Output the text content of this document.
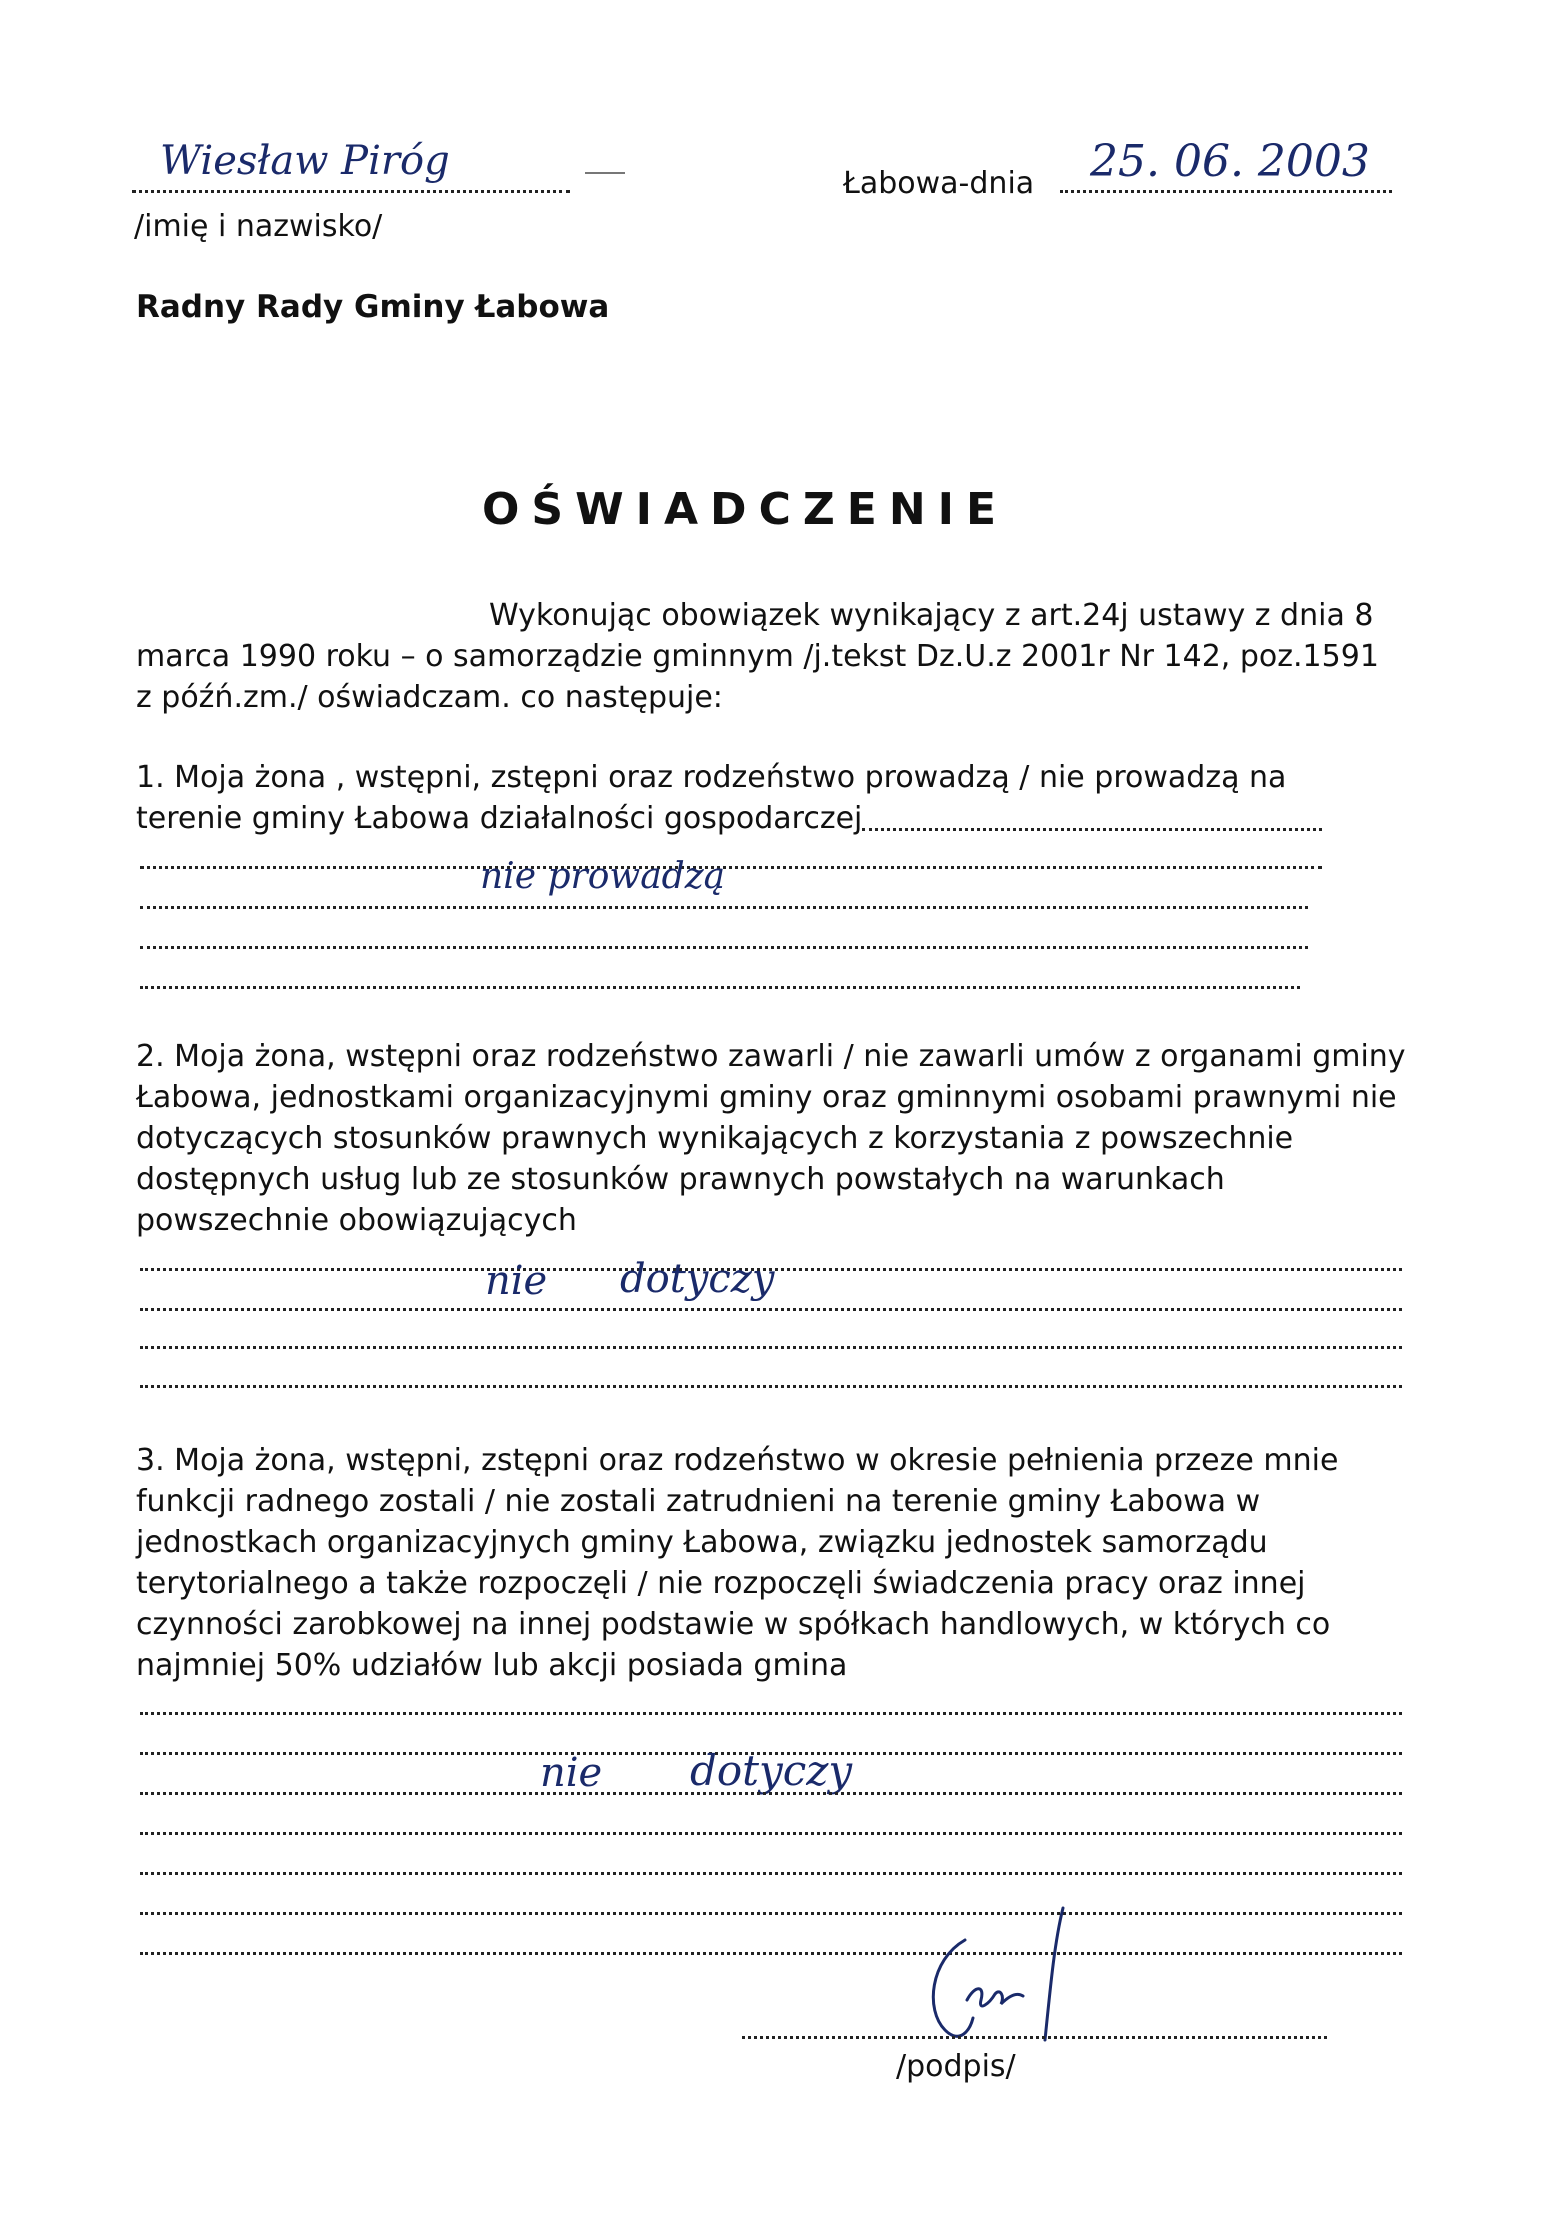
Wiesław Piróg
/imię i nazwisko/
Łabowa-dnia 25. 06. 2003
Radny Rady Gminy Łabowa
OŚWIADCZENIE
Wykonując obowiązek wynikający z art.24j ustawy z dnia 8
marca 1990 roku – o samorządzie gminnym /j.tekst Dz.U.z 2001r Nr 142, poz.1591
z późń.zm./ oświadczam. co następuje:
1. Moja żona , wstępni, zstępni oraz rodzeństwo prowadzą / nie prowadzą na
terenie gminy Łabowa działalności gospodarczej
nie prowadzą
2. Moja żona, wstępni oraz rodzeństwo zawarli / nie zawarli umów z organami gminy
Łabowa, jednostkami organizacyjnymi gminy oraz gminnymi osobami prawnymi nie
dotyczących stosunków prawnych wynikających z korzystania z powszechnie
dostępnych usług lub ze stosunków prawnych powstałych na warunkach
powszechnie obowiązujących
nie dotyczy
3. Moja żona, wstępni, zstępni oraz rodzeństwo w okresie pełnienia przeze mnie
funkcji radnego zostali / nie zostali zatrudnieni na terenie gminy Łabowa w
jednostkach organizacyjnych gminy Łabowa, związku jednostek samorządu
terytorialnego a także rozpoczęli / nie rozpoczęli świadczenia pracy oraz innej
czynności zarobkowej na innej podstawie w spółkach handlowych, w których co
najmniej 50% udziałów lub akcji posiada gmina
nie dotyczy
/podpis/
